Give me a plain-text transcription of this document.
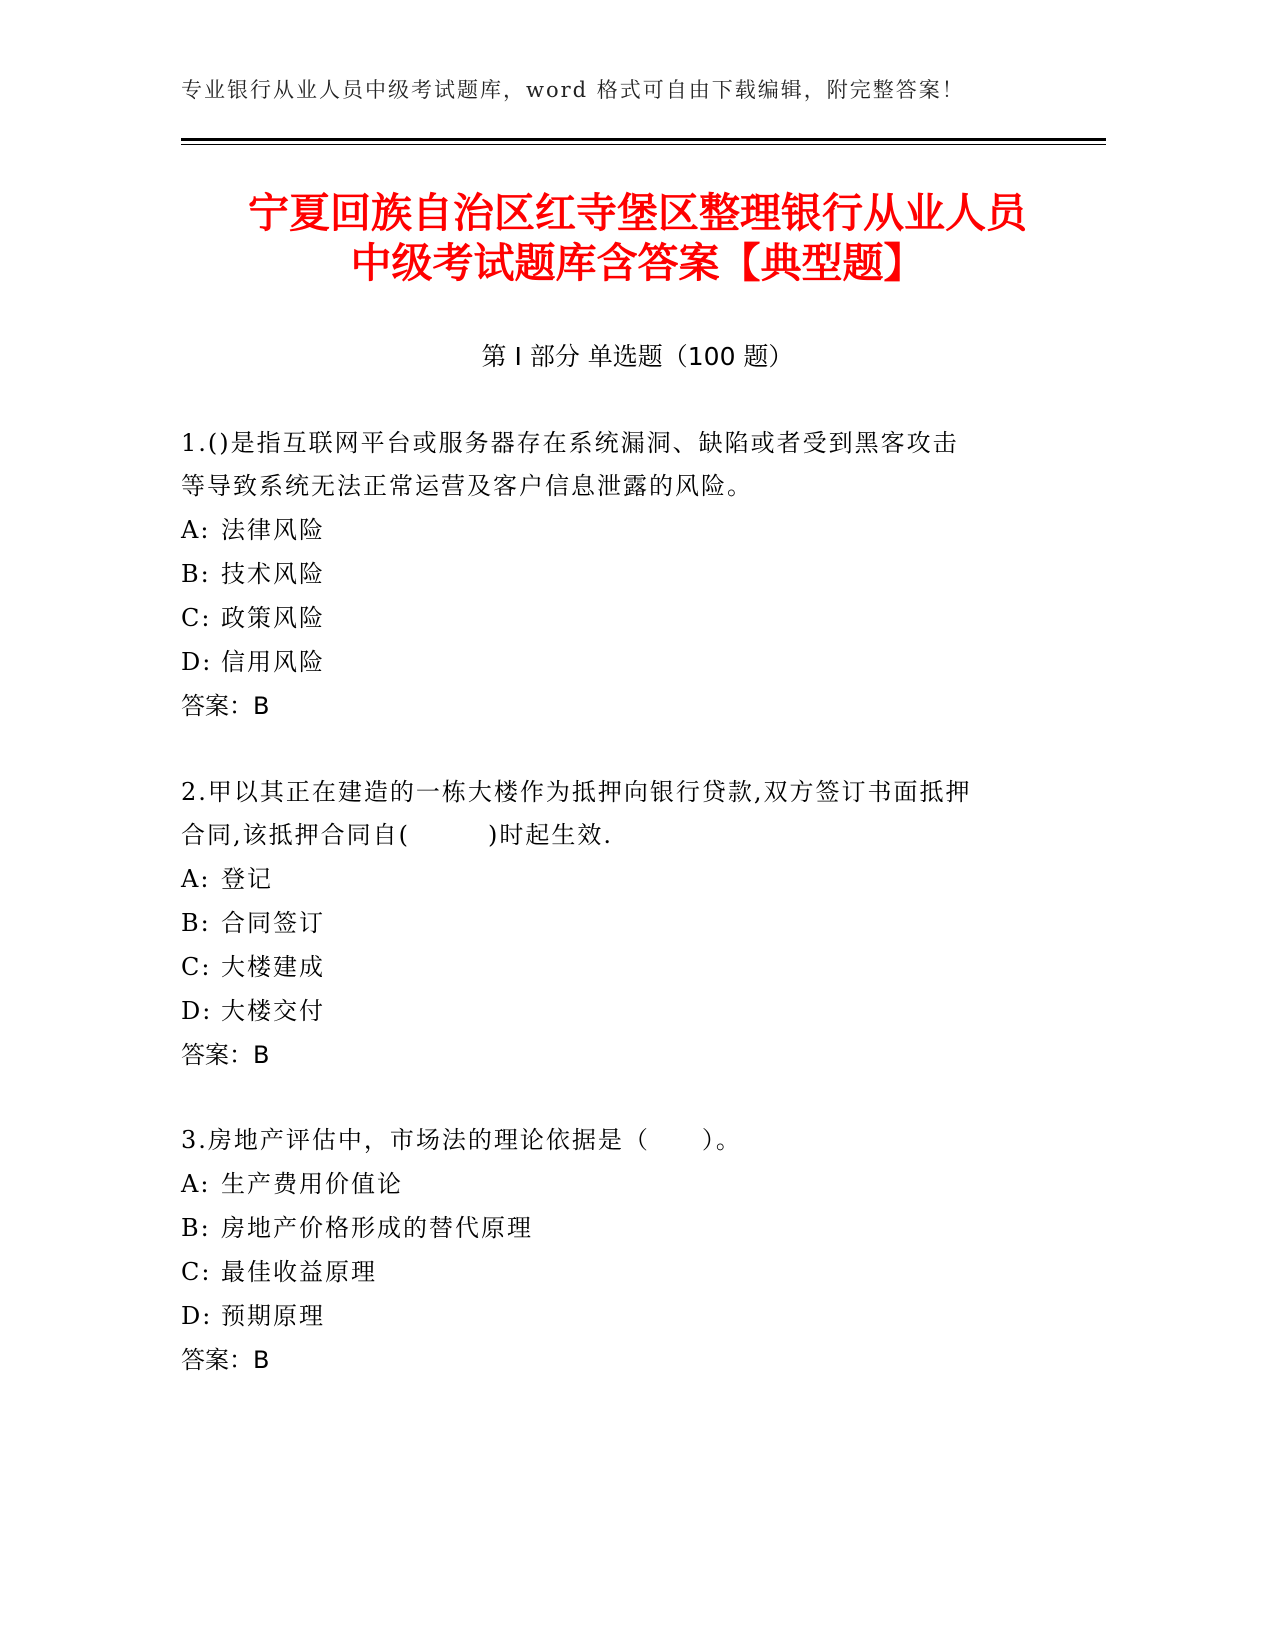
专业银行从业人员中级考试题库，word 格式可自由下载编辑，附完整答案！
宁夏回族自治区红寺堡区整理银行从业人员
中级考试题库含答案【典型题】
第 I 部分 单选题（100 题）
1.()是指互联网平台或服务器存在系统漏洞、缺陷或者受到黑客攻击
等导致系统无法正常运营及客户信息泄露的风险。
A: 法律风险
B: 技术风险
C: 政策风险
D: 信用风险
答案：B
2.甲以其正在建造的一栋大楼作为抵押向银行贷款,双方签订书面抵押
合同,该抵押合同自(　　　)时起生效.
A: 登记
B: 合同签订
C: 大楼建成
D: 大楼交付
答案：B
3.房地产评估中，市场法的理论依据是（　　）。
A: 生产费用价值论
B: 房地产价格形成的替代原理
C: 最佳收益原理
D: 预期原理
答案：B
